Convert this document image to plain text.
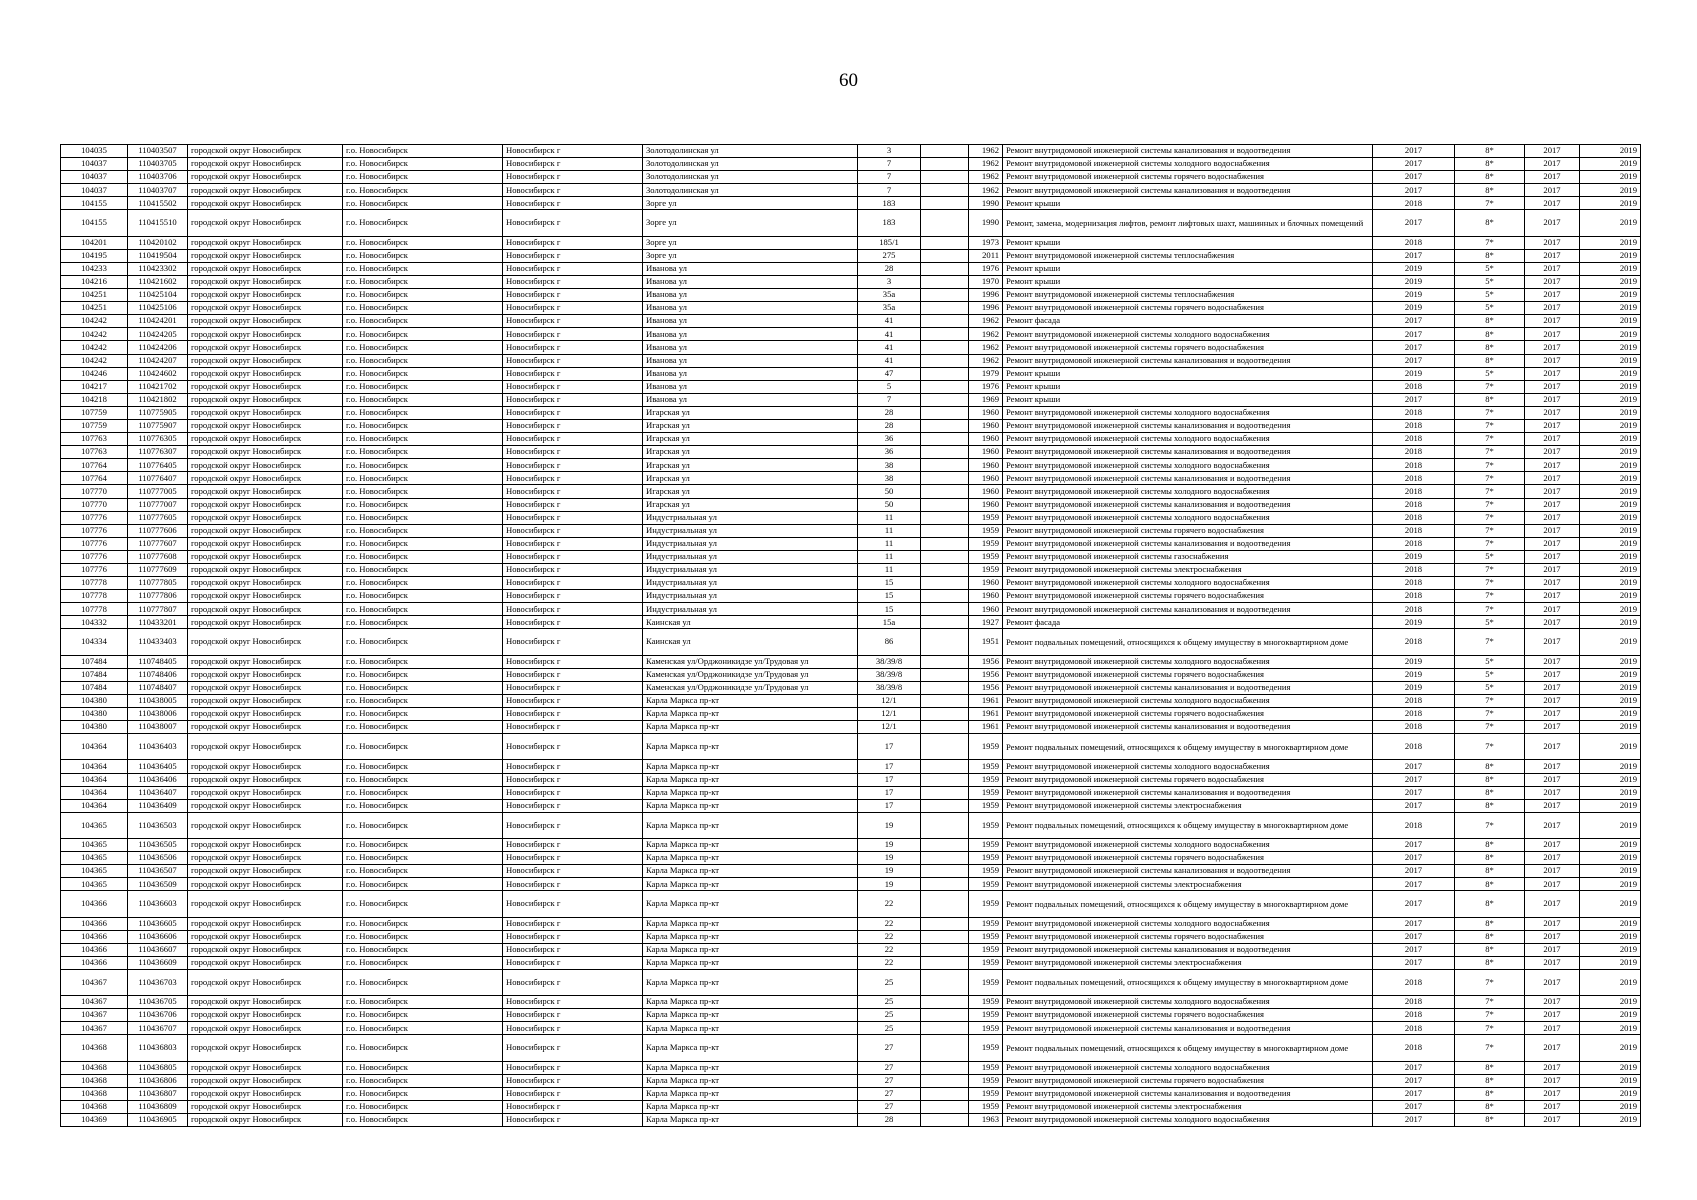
60
104035	110403507	городской округ Новосибирск	г.о. Новосибирск	Новосибирск г	Золотодолинская ул	3		1962	Ремонт внутридомовой инженерной системы канализования и водоотведения	2017	8*	2017	2019
104037	110403705	городской округ Новосибирск	г.о. Новосибирск	Новосибирск г	Золотодолинская ул	7		1962	Ремонт внутридомовой инженерной системы холодного водоснабжения	2017	8*	2017	2019
104037	110403706	городской округ Новосибирск	г.о. Новосибирск	Новосибирск г	Золотодолинская ул	7		1962	Ремонт внутридомовой инженерной системы горячего водоснабжения	2017	8*	2017	2019
104037	110403707	городской округ Новосибирск	г.о. Новосибирск	Новосибирск г	Золотодолинская ул	7		1962	Ремонт внутридомовой инженерной системы канализования и водоотведения	2017	8*	2017	2019
104155	110415502	городской округ Новосибирск	г.о. Новосибирск	Новосибирск г	Зорге ул	183		1990	Ремонт крыши	2018	7*	2017	2019
104155	110415510	городской округ Новосибирск	г.о. Новосибирск	Новосибирск г	Зорге ул	183		1990	Ремонт, замена, модернизация лифтов, ремонт лифтовых шахт, машинных и блочных помещений	2017	8*	2017	2019
104201	110420102	городской округ Новосибирск	г.о. Новосибирск	Новосибирск г	Зорге ул	185/1		1973	Ремонт крыши	2018	7*	2017	2019
104195	110419504	городской округ Новосибирск	г.о. Новосибирск	Новосибирск г	Зорге ул	275		2011	Ремонт внутридомовой инженерной системы теплоснабжения	2017	8*	2017	2019
104233	110423302	городской округ Новосибирск	г.о. Новосибирск	Новосибирск г	Иванова ул	28		1976	Ремонт крыши	2019	5*	2017	2019
104216	110421602	городской округ Новосибирск	г.о. Новосибирск	Новосибирск г	Иванова ул	3		1970	Ремонт крыши	2019	5*	2017	2019
104251	110425104	городской округ Новосибирск	г.о. Новосибирск	Новосибирск г	Иванова ул	35а		1996	Ремонт внутридомовой инженерной системы теплоснабжения	2019	5*	2017	2019
104251	110425106	городской округ Новосибирск	г.о. Новосибирск	Новосибирск г	Иванова ул	35а		1996	Ремонт внутридомовой инженерной системы горячего водоснабжения	2019	5*	2017	2019
104242	110424201	городской округ Новосибирск	г.о. Новосибирск	Новосибирск г	Иванова ул	41		1962	Ремонт фасада	2017	8*	2017	2019
104242	110424205	городской округ Новосибирск	г.о. Новосибирск	Новосибирск г	Иванова ул	41		1962	Ремонт внутридомовой инженерной системы холодного водоснабжения	2017	8*	2017	2019
104242	110424206	городской округ Новосибирск	г.о. Новосибирск	Новосибирск г	Иванова ул	41		1962	Ремонт внутридомовой инженерной системы горячего водоснабжения	2017	8*	2017	2019
104242	110424207	городской округ Новосибирск	г.о. Новосибирск	Новосибирск г	Иванова ул	41		1962	Ремонт внутридомовой инженерной системы канализования и водоотведения	2017	8*	2017	2019
104246	110424602	городской округ Новосибирск	г.о. Новосибирск	Новосибирск г	Иванова ул	47		1979	Ремонт крыши	2019	5*	2017	2019
104217	110421702	городской округ Новосибирск	г.о. Новосибирск	Новосибирск г	Иванова ул	5		1976	Ремонт крыши	2018	7*	2017	2019
104218	110421802	городской округ Новосибирск	г.о. Новосибирск	Новосибирск г	Иванова ул	7		1969	Ремонт крыши	2017	8*	2017	2019
107759	110775905	городской округ Новосибирск	г.о. Новосибирск	Новосибирск г	Игарская ул	28		1960	Ремонт внутридомовой инженерной системы холодного водоснабжения	2018	7*	2017	2019
107759	110775907	городской округ Новосибирск	г.о. Новосибирск	Новосибирск г	Игарская ул	28		1960	Ремонт внутридомовой инженерной системы канализования и водоотведения	2018	7*	2017	2019
107763	110776305	городской округ Новосибирск	г.о. Новосибирск	Новосибирск г	Игарская ул	36		1960	Ремонт внутридомовой инженерной системы холодного водоснабжения	2018	7*	2017	2019
107763	110776307	городской округ Новосибирск	г.о. Новосибирск	Новосибирск г	Игарская ул	36		1960	Ремонт внутридомовой инженерной системы канализования и водоотведения	2018	7*	2017	2019
107764	110776405	городской округ Новосибирск	г.о. Новосибирск	Новосибирск г	Игарская ул	38		1960	Ремонт внутридомовой инженерной системы холодного водоснабжения	2018	7*	2017	2019
107764	110776407	городской округ Новосибирск	г.о. Новосибирск	Новосибирск г	Игарская ул	38		1960	Ремонт внутридомовой инженерной системы канализования и водоотведения	2018	7*	2017	2019
107770	110777005	городской округ Новосибирск	г.о. Новосибирск	Новосибирск г	Игарская ул	50		1960	Ремонт внутридомовой инженерной системы холодного водоснабжения	2018	7*	2017	2019
107770	110777007	городской округ Новосибирск	г.о. Новосибирск	Новосибирск г	Игарская ул	50		1960	Ремонт внутридомовой инженерной системы канализования и водоотведения	2018	7*	2017	2019
107776	110777605	городской округ Новосибирск	г.о. Новосибирск	Новосибирск г	Индустриальная ул	11		1959	Ремонт внутридомовой инженерной системы холодного водоснабжения	2018	7*	2017	2019
107776	110777606	городской округ Новосибирск	г.о. Новосибирск	Новосибирск г	Индустриальная ул	11		1959	Ремонт внутридомовой инженерной системы горячего водоснабжения	2018	7*	2017	2019
107776	110777607	городской округ Новосибирск	г.о. Новосибирск	Новосибирск г	Индустриальная ул	11		1959	Ремонт внутридомовой инженерной системы канализования и водоотведения	2018	7*	2017	2019
107776	110777608	городской округ Новосибирск	г.о. Новосибирск	Новосибирск г	Индустриальная ул	11		1959	Ремонт внутридомовой инженерной системы газоснабжения	2019	5*	2017	2019
107776	110777609	городской округ Новосибирск	г.о. Новосибирск	Новосибирск г	Индустриальная ул	11		1959	Ремонт внутридомовой инженерной системы электроснабжения	2018	7*	2017	2019
107778	110777805	городской округ Новосибирск	г.о. Новосибирск	Новосибирск г	Индустриальная ул	15		1960	Ремонт внутридомовой инженерной системы холодного водоснабжения	2018	7*	2017	2019
107778	110777806	городской округ Новосибирск	г.о. Новосибирск	Новосибирск г	Индустриальная ул	15		1960	Ремонт внутридомовой инженерной системы горячего водоснабжения	2018	7*	2017	2019
107778	110777807	городской округ Новосибирск	г.о. Новосибирск	Новосибирск г	Индустриальная ул	15		1960	Ремонт внутридомовой инженерной системы канализования и водоотведения	2018	7*	2017	2019
104332	110433201	городской округ Новосибирск	г.о. Новосибирск	Новосибирск г	Каинская ул	15а		1927	Ремонт фасада	2019	5*	2017	2019
104334	110433403	городской округ Новосибирск	г.о. Новосибирск	Новосибирск г	Каинская ул	86		1951	Ремонт подвальных помещений, относящихся к общему имуществу в многоквартирном доме	2018	7*	2017	2019
107484	110748405	городской округ Новосибирск	г.о. Новосибирск	Новосибирск г	Каменская ул/Орджоникидзе ул/Трудовая ул	38/39/8		1956	Ремонт внутридомовой инженерной системы холодного водоснабжения	2019	5*	2017	2019
107484	110748406	городской округ Новосибирск	г.о. Новосибирск	Новосибирск г	Каменская ул/Орджоникидзе ул/Трудовая ул	38/39/8		1956	Ремонт внутридомовой инженерной системы горячего водоснабжения	2019	5*	2017	2019
107484	110748407	городской округ Новосибирск	г.о. Новосибирск	Новосибирск г	Каменская ул/Орджоникидзе ул/Трудовая ул	38/39/8		1956	Ремонт внутридомовой инженерной системы канализования и водоотведения	2019	5*	2017	2019
104380	110438005	городской округ Новосибирск	г.о. Новосибирск	Новосибирск г	Карла Маркса пр-кт	12/1		1961	Ремонт внутридомовой инженерной системы холодного водоснабжения	2018	7*	2017	2019
104380	110438006	городской округ Новосибирск	г.о. Новосибирск	Новосибирск г	Карла Маркса пр-кт	12/1		1961	Ремонт внутридомовой инженерной системы горячего водоснабжения	2018	7*	2017	2019
104380	110438007	городской округ Новосибирск	г.о. Новосибирск	Новосибирск г	Карла Маркса пр-кт	12/1		1961	Ремонт внутридомовой инженерной системы канализования и водоотведения	2018	7*	2017	2019
104364	110436403	городской округ Новосибирск	г.о. Новосибирск	Новосибирск г	Карла Маркса пр-кт	17		1959	Ремонт подвальных помещений, относящихся к общему имуществу в многоквартирном доме	2018	7*	2017	2019
104364	110436405	городской округ Новосибирск	г.о. Новосибирск	Новосибирск г	Карла Маркса пр-кт	17		1959	Ремонт внутридомовой инженерной системы холодного водоснабжения	2017	8*	2017	2019
104364	110436406	городской округ Новосибирск	г.о. Новосибирск	Новосибирск г	Карла Маркса пр-кт	17		1959	Ремонт внутридомовой инженерной системы горячего водоснабжения	2017	8*	2017	2019
104364	110436407	городской округ Новосибирск	г.о. Новосибирск	Новосибирск г	Карла Маркса пр-кт	17		1959	Ремонт внутридомовой инженерной системы канализования и водоотведения	2017	8*	2017	2019
104364	110436409	городской округ Новосибирск	г.о. Новосибирск	Новосибирск г	Карла Маркса пр-кт	17		1959	Ремонт внутридомовой инженерной системы электроснабжения	2017	8*	2017	2019
104365	110436503	городской округ Новосибирск	г.о. Новосибирск	Новосибирск г	Карла Маркса пр-кт	19		1959	Ремонт подвальных помещений, относящихся к общему имуществу в многоквартирном доме	2018	7*	2017	2019
104365	110436505	городской округ Новосибирск	г.о. Новосибирск	Новосибирск г	Карла Маркса пр-кт	19		1959	Ремонт внутридомовой инженерной системы холодного водоснабжения	2017	8*	2017	2019
104365	110436506	городской округ Новосибирск	г.о. Новосибирск	Новосибирск г	Карла Маркса пр-кт	19		1959	Ремонт внутридомовой инженерной системы горячего водоснабжения	2017	8*	2017	2019
104365	110436507	городской округ Новосибирск	г.о. Новосибирск	Новосибирск г	Карла Маркса пр-кт	19		1959	Ремонт внутридомовой инженерной системы канализования и водоотведения	2017	8*	2017	2019
104365	110436509	городской округ Новосибирск	г.о. Новосибирск	Новосибирск г	Карла Маркса пр-кт	19		1959	Ремонт внутридомовой инженерной системы электроснабжения	2017	8*	2017	2019
104366	110436603	городской округ Новосибирск	г.о. Новосибирск	Новосибирск г	Карла Маркса пр-кт	22		1959	Ремонт подвальных помещений, относящихся к общему имуществу в многоквартирном доме	2017	8*	2017	2019
104366	110436605	городской округ Новосибирск	г.о. Новосибирск	Новосибирск г	Карла Маркса пр-кт	22		1959	Ремонт внутридомовой инженерной системы холодного водоснабжения	2017	8*	2017	2019
104366	110436606	городской округ Новосибирск	г.о. Новосибирск	Новосибирск г	Карла Маркса пр-кт	22		1959	Ремонт внутридомовой инженерной системы горячего водоснабжения	2017	8*	2017	2019
104366	110436607	городской округ Новосибирск	г.о. Новосибирск	Новосибирск г	Карла Маркса пр-кт	22		1959	Ремонт внутридомовой инженерной системы канализования и водоотведения	2017	8*	2017	2019
104366	110436609	городской округ Новосибирск	г.о. Новосибирск	Новосибирск г	Карла Маркса пр-кт	22		1959	Ремонт внутридомовой инженерной системы электроснабжения	2017	8*	2017	2019
104367	110436703	городской округ Новосибирск	г.о. Новосибирск	Новосибирск г	Карла Маркса пр-кт	25		1959	Ремонт подвальных помещений, относящихся к общему имуществу в многоквартирном доме	2018	7*	2017	2019
104367	110436705	городской округ Новосибирск	г.о. Новосибирск	Новосибирск г	Карла Маркса пр-кт	25		1959	Ремонт внутридомовой инженерной системы холодного водоснабжения	2018	7*	2017	2019
104367	110436706	городской округ Новосибирск	г.о. Новосибирск	Новосибирск г	Карла Маркса пр-кт	25		1959	Ремонт внутридомовой инженерной системы горячего водоснабжения	2018	7*	2017	2019
104367	110436707	городской округ Новосибирск	г.о. Новосибирск	Новосибирск г	Карла Маркса пр-кт	25		1959	Ремонт внутридомовой инженерной системы канализования и водоотведения	2018	7*	2017	2019
104368	110436803	городской округ Новосибирск	г.о. Новосибирск	Новосибирск г	Карла Маркса пр-кт	27		1959	Ремонт подвальных помещений, относящихся к общему имуществу в многоквартирном доме	2018	7*	2017	2019
104368	110436805	городской округ Новосибирск	г.о. Новосибирск	Новосибирск г	Карла Маркса пр-кт	27		1959	Ремонт внутридомовой инженерной системы холодного водоснабжения	2017	8*	2017	2019
104368	110436806	городской округ Новосибирск	г.о. Новосибирск	Новосибирск г	Карла Маркса пр-кт	27		1959	Ремонт внутридомовой инженерной системы горячего водоснабжения	2017	8*	2017	2019
104368	110436807	городской округ Новосибирск	г.о. Новосибирск	Новосибирск г	Карла Маркса пр-кт	27		1959	Ремонт внутридомовой инженерной системы канализования и водоотведения	2017	8*	2017	2019
104368	110436809	городской округ Новосибирск	г.о. Новосибирск	Новосибирск г	Карла Маркса пр-кт	27		1959	Ремонт внутридомовой инженерной системы электроснабжения	2017	8*	2017	2019
104369	110436905	городской округ Новосибирск	г.о. Новосибирск	Новосибирск г	Карла Маркса пр-кт	28		1963	Ремонт внутридомовой инженерной системы холодного водоснабжения	2017	8*	2017	2019
